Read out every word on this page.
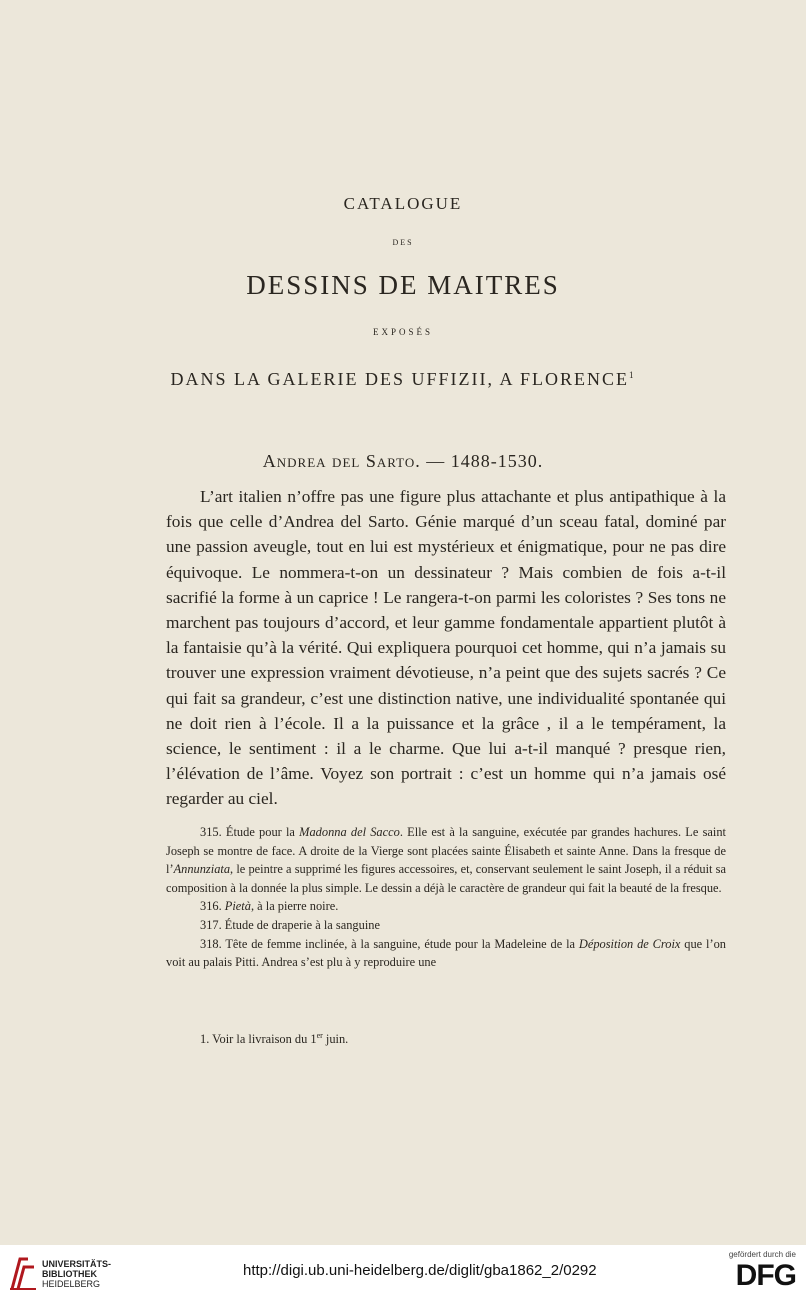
CATALOGUE
DES
DESSINS DE MAITRES
EXPOSÉS
DANS LA GALERIE DES UFFIZII, A FLORENCE$^1$
Andrea del Sarto. — 1488-1530.

L’art italien n’offre pas une figure plus attachante et plus antipathique à la fois que celle d’Andrea del Sarto. Génie marqué d’un sceau fatal, dominé par une passion aveugle, tout en lui est mystérieux et énigmatique, pour ne pas dire équivoque. Le nommera-t-on un dessinateur ? Mais combien de fois a-t-il sacrifié la forme à un caprice ! Le rangera-t-on parmi les coloristes ? Ses tons ne marchent pas toujours d’accord, et leur gamme fondamentale appartient plutôt à la fantaisie qu’à la vérité. Qui expliquera pourquoi cet homme, qui n’a jamais su trouver une expression vraiment dévotieuse, n’a peint que des sujets sacrés ? Ce qui fait sa grandeur, c’est une distinction native, une individualité spontanée qui ne doit rien à l’école. Il a la puissance et la grâce , il a le tempérament, la science, le sentiment : il a le charme. Que lui a-t-il manqué ? presque rien, l’élévation de l’âme. Voyez son portrait : c’est un homme qui n’a jamais osé regarder au ciel.

315. Étude pour la Madonna del Sacco. Elle est à la sanguine, exécutée par grandes hachures. Le saint Joseph se montre de face. A droite de la Vierge sont placées sainte Élisabeth et sainte Anne. Dans la fresque de l’Annunziata, le peintre a supprimé les figures accessoires, et, conservant seulement le saint Joseph, il a réduit sa composition à la donnée la plus simple. Le dessin a déjà le caractère de grandeur qui fait la beauté de la fresque.

316. Pietà, à la pierre noire.

317. Étude de draperie à la sanguine

318. Tête de femme inclinée, à la sanguine, étude pour la Madeleine de la Déposition de Croix que l’on voit au palais Pitti. Andrea s’est plu à y reproduire une

1. Voir la livraison du 1er juin.
UNIVERSITÄTS-
BIBLIOTHEK
HEIDELBERG
http://digi.ub.uni-heidelberg.de/diglit/gba1862_2/0292
gefördert durch die
DFG
